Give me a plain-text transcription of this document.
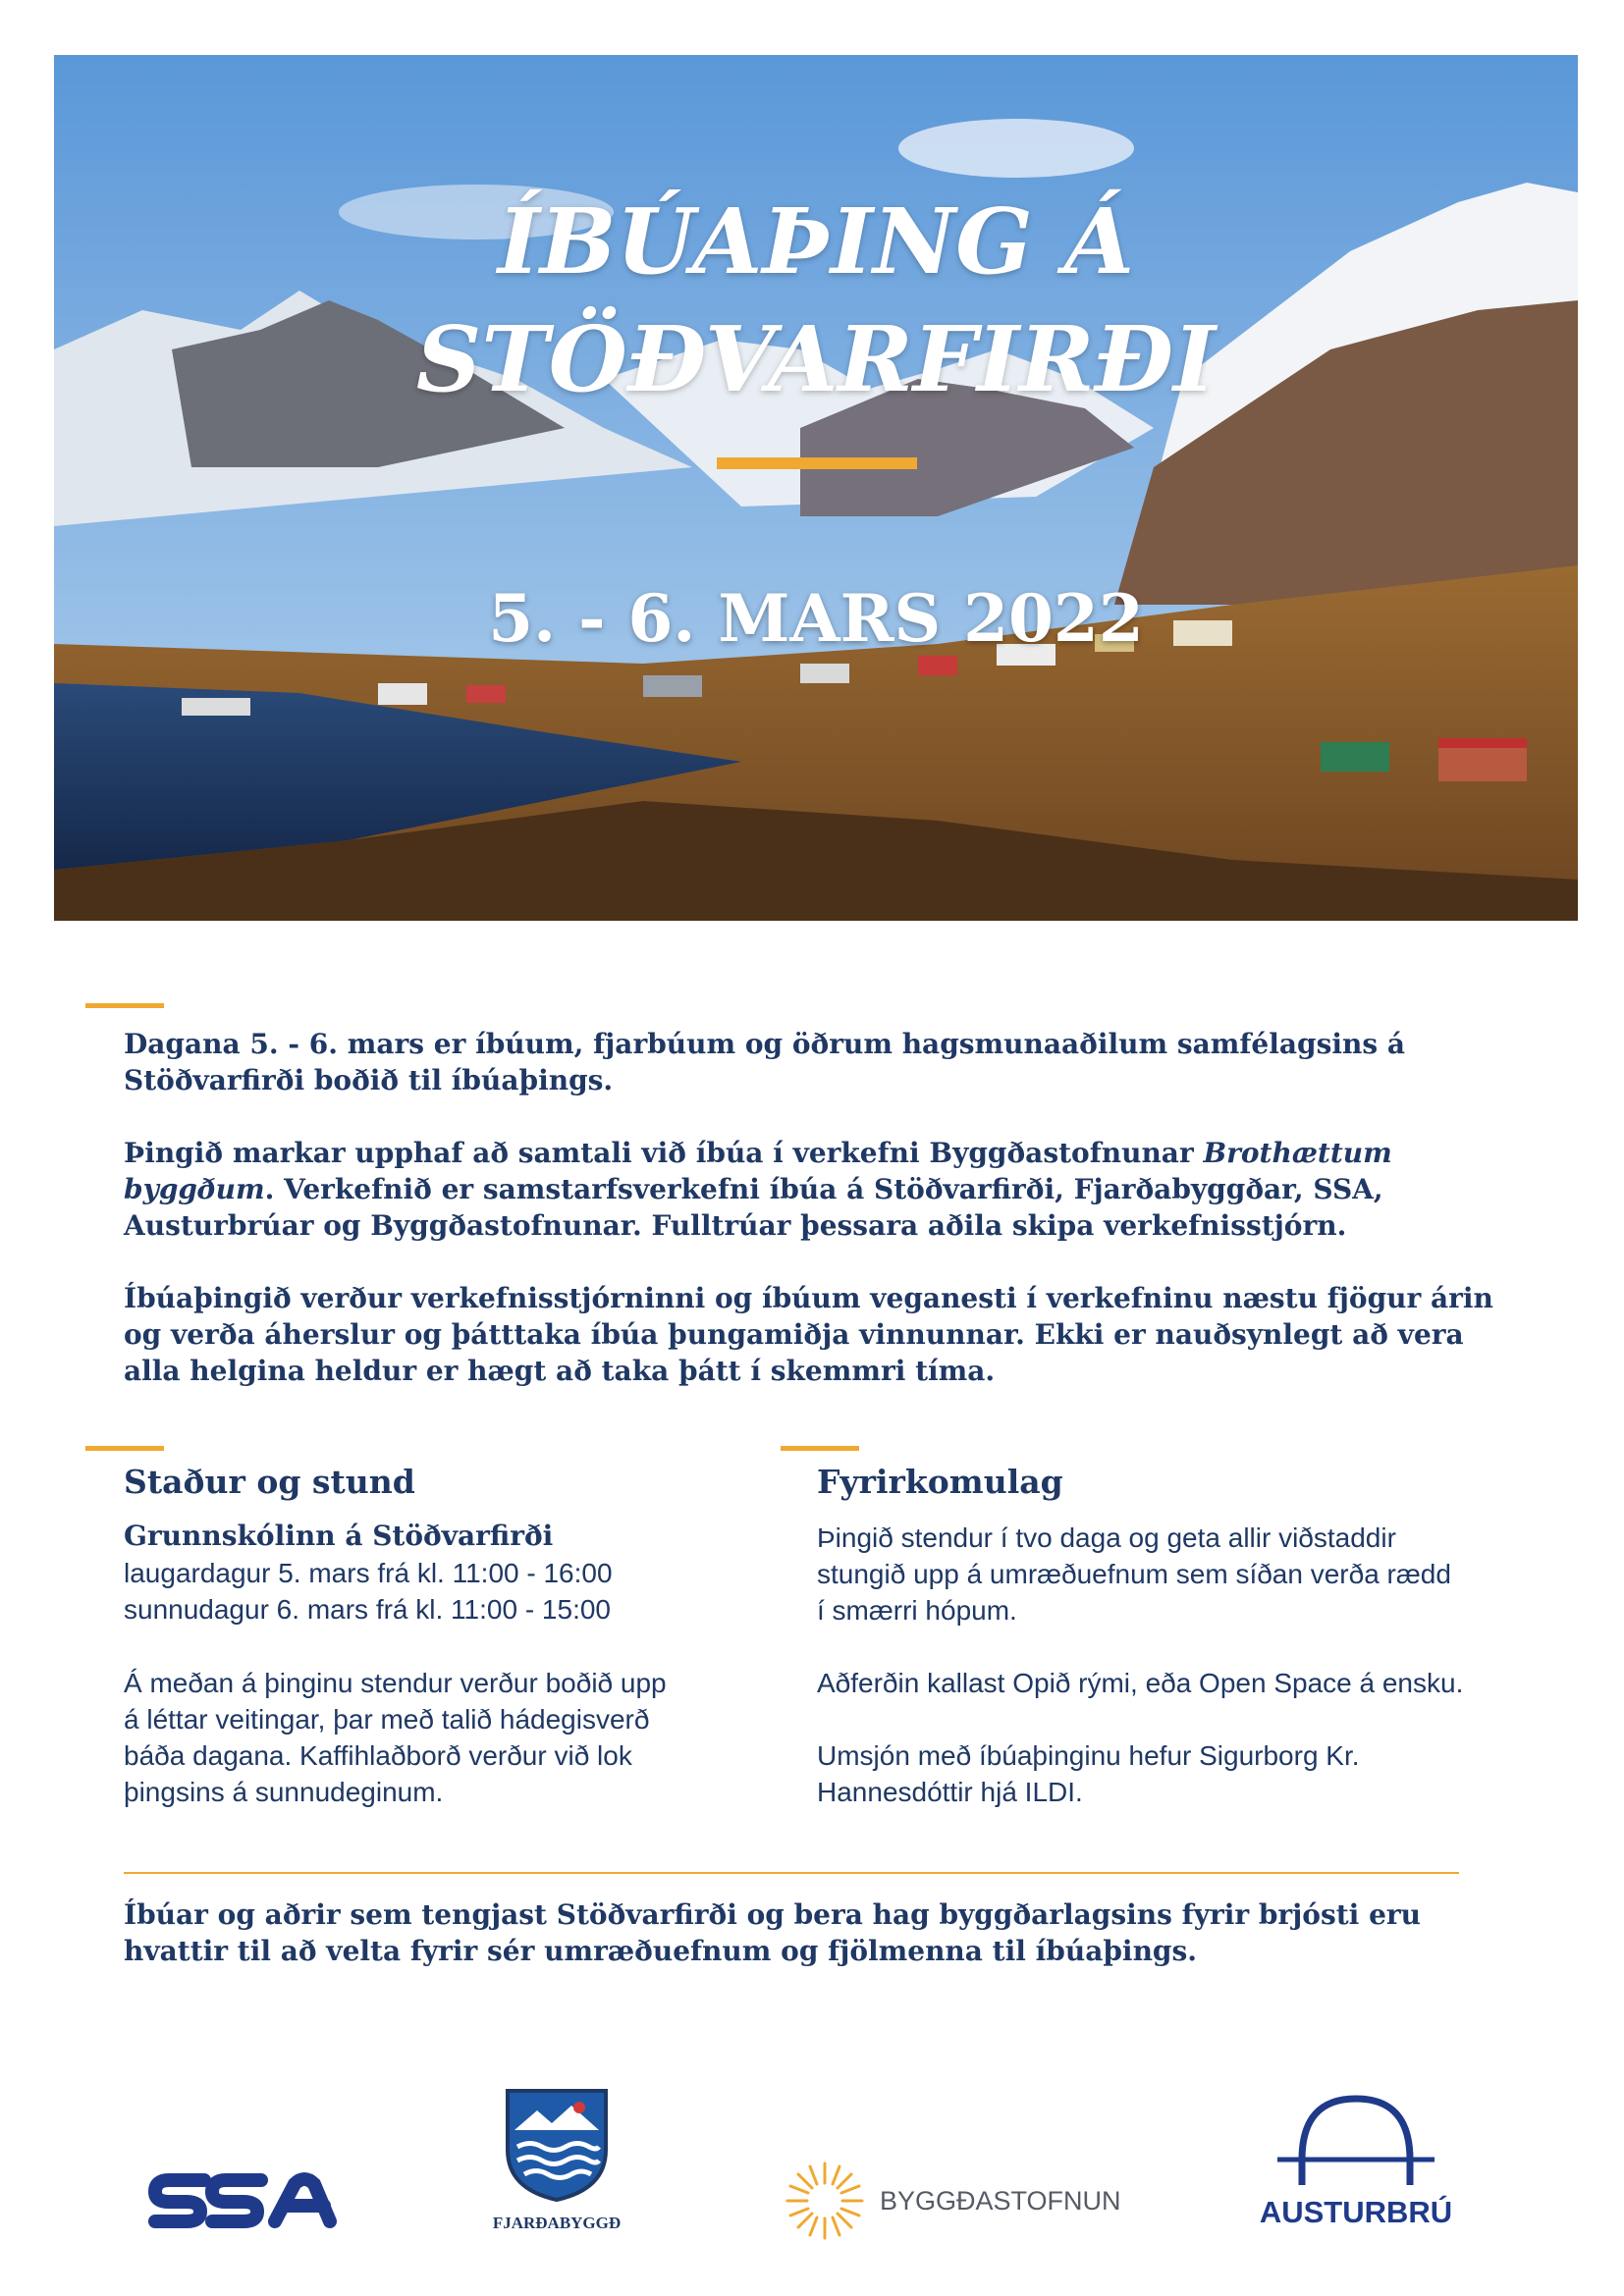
ÍBÚAÞING Á
STÖÐVARFIRÐI
5. - 6. MARS 2022

Dagana 5. - 6. mars er íbúum, fjarbúum og öðrum hagsmunaaðilum samfélagsins á Stöðvarfirði boðið til íbúaþings.

Þingið markar upphaf að samtali við íbúa í verkefni Byggðastofnunar Brothættum byggðum. Verkefnið er samstarfsverkefni íbúa á Stöðvarfirði, Fjarðabyggðar, SSA, Austurbrúar og Byggðastofnunar. Fulltrúar þessara aðila skipa verkefnisstjórn.

Íbúaþingið verður verkefnisstjórninni og íbúum veganesti í verkefninu næstu fjögur árin og verða áherslur og þátttaka íbúa þungamiðja vinnunnar. Ekki er nauðsynlegt að vera alla helgina heldur er hægt að taka þátt í skemmri tíma.

Staður og stund
Grunnskólinn á Stöðvarfirði

laugardagur 5. mars frá kl. 11:00 - 16:00
sunnudagur 6. mars frá kl. 11:00 - 15:00

Á meðan á þinginu stendur verður boðið upp
á léttar veitingar, þar með talið hádegisverð
báða dagana. Kaffihlaðborð verður við lok
þingsins á sunnudeginum.

Fyrirkomulag

Þingið stendur í tvo daga og geta allir viðstaddir
stungið upp á umræðuefnum sem síðan verða rædd
í smærri hópum.

Aðferðin kallast Opið rými, eða Open Space á ensku.

Umsjón með íbúaþinginu hefur Sigurborg Kr.
Hannesdóttir hjá ILDI.

Íbúar og aðrir sem tengjast Stöðvarfirði og bera hag byggðarlagsins fyrir brjósti eru hvattir til að velta fyrir sér umræðuefnum og fjölmenna til íbúaþings.

FJARÐABYGGÐ
BYGGÐASTOFNUN	AUSTURBRÚ
